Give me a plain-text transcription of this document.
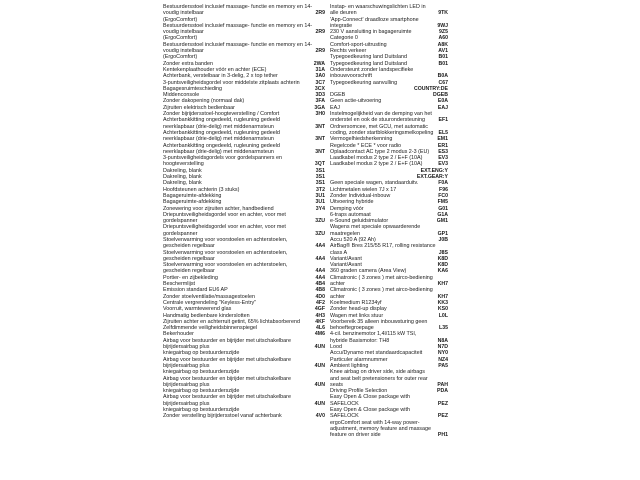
Bestuurdersstoel inclusief massage- functie en memory en 14-voudig instelbaar	2R9
(ErgoComfort)
Bestuurdersstoel inclusief massage- functie en memory en 14-voudig instelbaar	2R9
(ErgoComfort)
Bestuurdersstoel inclusief massage- functie en memory en 14-voudig instelbaar	2R9
(ErgoComfort)
Zonder extra banden	2WA
Kentekenplaathouder vóór en achter (ECE)	31A
Achterbank, verstelbaar in 3-delig, 2 x top tether	3A0
3-puntsveiligheidsgordel voor middelste zitplaats achterin	3C7
Bagagesruimteschieding	3CX
Middenconsole	3D3
Zonder dakopening (normaal dak)	3FA
Zijruiten elektrisch bedienbaar	3GA
Zonder bijrijdersstoel-hoogteverstelling / Comfort	3H0
Achterbankkitting ongedeeld, rugleuning gedeeld neerklapbaar (drie-delig) met middenarmsteun	3NT
Achterbankkitting ongedeeld, rugleuning gedeeld neerklapbaar (drie-delig) met middenarmsteun	3NT
Achterbankkitting ongedeeld, rugleuning gedeeld neerklapbaar (drie-delig) met middenarmsteun	3NT
3-puntsveiligheidsgordels voor gordelspanners en hoogteverstelling	3QT
Dakreling, blank	3S1
Dakreling, blank	3S1
Dakreling, blank	3S1
Hoofdsteunen achterin (3 stuks)	3T2
Bagageruimte-afdekking	3U1
Bagageruimte-afdekking	3U1
Zonewering voor zijruiten achter, handbediend	3Y4
Driepuntsveiligheidsgordel voor en achter, voor met gordelspanner	3ZU
Driepuntsveiligheidsgordel voor en achter, voor met gordelspanner	3ZU
Stoelverwarming voor voorstoelen en achterstoelen, gescheiden regelbaar	4A4
Stoelverwarming voor voorstoelen en achterstoelen, gescheiden regelbaar	4A4
Stoelverwarming voor voorstoelen en achterstoelen, gescheiden regelbaar	4A4
Portier- en zijbekleding	4A4
Beschermlijst	4B4
Emission standard EU6 AP	4B8
Zonder stoelventilatie/massagestoelen	4D0
Centrale vergrendeling "Keyless-Entry"	4F2
Voorruit, warmtewerend glas	4GF
Handmatig bedienbare kinderslotten	4H3
Zijruiten achter en achterruit getint, 65% lichtabsorberend	4KF
Zelfdimmende veiligheidsbinnenspiegel	4L6
Bekerhouder	4M6
Airbag voor bestuurder en bijrijder met uitschakelbare bijrijdersairbag plus	4UN
kniegairbag op bestuurderszijde
Airbag voor bestuurder en bijrijder met uitschakelbare bijrijdersairbag plus	4UN
kniegairbag op bestuurderszijde
Airbag voor bestuurder en bijrijder met uitschakelbare bijrijdersairbag plus	4UN
kniegairbag op bestuurderszijde
Airbag voor bestuurder en bijrijder met uitschakelbare bijrijdersairbag plus	4UN
kniegairbag op bestuurderszijde
Zonder verstelling bijrijdersstoel vanaf achterbank	4V0
Instap- en waarschuwingslichten LED in alle deuren	9TK
'App-Connect' draadloze smartphone integratie	9WJ
230 V aansluiting in bagageruimte	9Z5
Categorie 0	A60
Comfort-sport-uitrusting	A8K
Rechts verkeer	AV1
Typegoedkeuring land Duitsland	B01
Typegoedkeuring land Duitsland	B01
Ondersteunt zonder landspecifieke inbouwvoorschrift	B0A
Typegoedkeuring aanvulling	C67
COUNTRY:DE
DGEB	DGEB
Geen actie-uitvoering	E0A
EAJ	EAJ
Instelmogelijkheid van de demping van het onderstel en ook de stuurondersteuning	EF1
Ordnersomcee, met GCU, met automatic coding, zonder startblokkeringsmelkopeling EL5
Vermogelhiedsherkenning	EM1
Regelcode * ECE * voor radio	ER1
Oplaadcontact AC type 2 modus 2-3 (EU)	ES3
Laadkabel modus 2 type 2 / E+F (10A)	EV3
Laadkabel modus 2 type 2 / E+F (10A)	EV3
EXT.ENG:Y
EXT.GEAR:Y
Geen speciale wagen, standaarduitv.	F0A
Lichtmetalen wielen 7J x 17	F96
Zonder Individual-inbouw	FC0
Uitvoering hybride	FM5
Demping vóór	G01
6-traps automaat	G1A
e-Sound geluidsimulator	GM1
Wagens met speciale opwaarderende maatregelen	GP1
Accu 520 A (92 Ah)	J0B
AirBag® Bres 215/55 R17, rolling resistance class A	J8S
Variant/Avant	K8D
Variant/Avant	K8D
360 graden camera (Area View)	KA6
Climatronic ( 3 zones ) met airco-bediening achter	KH7
Climatronic ( 3 zones ) met airco-bediening achter	KH7
Koelmedium R1234yf	KK3
Zonder head-up display	KS0
Wagen met links stuur	L0L
Voorbereik 35 alleen inbouwsturing geen behoeftegroepage	L35
4-cil. benzinemotor 1,4l/115 kW TSI, hybride Basismotor: TH8	N8A
Lood	N7D
Accu/Dynamo met standaardcapaciteit	NY0
Particuler alarmnummer	NZ4
Ambient lighting	PA5
Knee airbag on driver side, side airbags and seat belt pretensioners for outer rear seats	PAH
Driving Profile Selection	PDA
Easy Open & Close package with SAFELOCK	PEZ
Easy Open & Close package with SAFELOCK	PEZ
ergoComfort seat with 14-way power-adjustment, memory feature and massage feature on driver side	PH1
